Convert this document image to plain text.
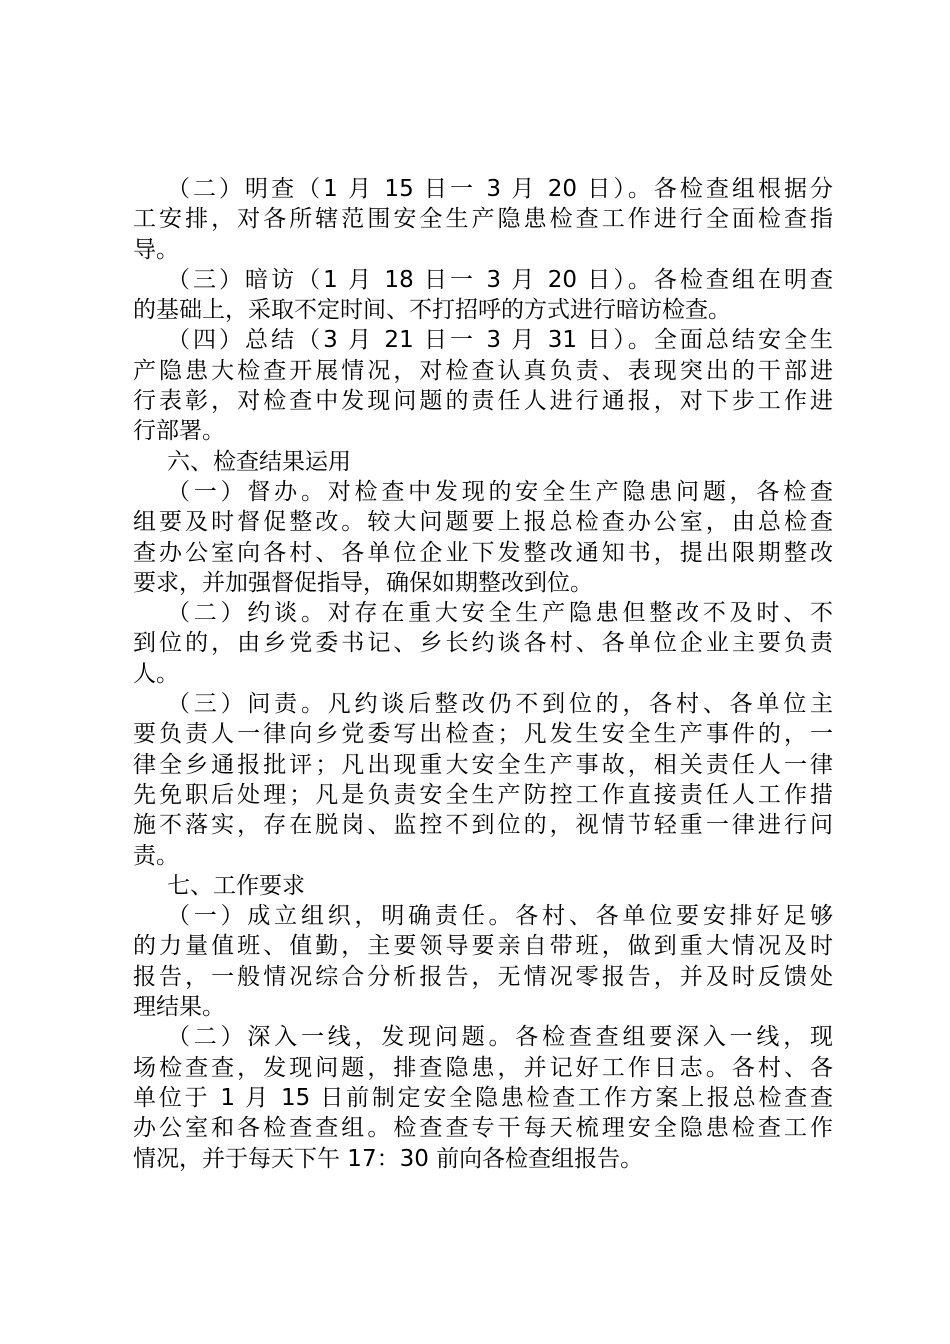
（二）明查（1 月 15 日一 3 月 20 日）。各检查组根据分
工安排，对各所辖范围安全生产隐患检查工作进行全面检查指
导。
（三）暗访（1 月 18 日一 3 月 20 日）。各检查组在明查
的基础上，采取不定时间、不打招呼的方式进行暗访检查。
（四）总结（3 月 21 日一 3 月 31 日）。全面总结安全生
产隐患大检查开展情况，对检查认真负责、表现突出的干部进
行表彰，对检查中发现问题的责任人进行通报，对下步工作进
行部署。
六、检查结果运用
（一）督办。对检查中发现的安全生产隐患问题，各检查
组要及时督促整改。较大问题要上报总检查办公室，由总检查
查办公室向各村、各单位企业下发整改通知书，提出限期整改
要求，并加强督促指导，确保如期整改到位。
（二）约谈。对存在重大安全生产隐患但整改不及时、不
到位的，由乡党委书记、乡长约谈各村、各单位企业主要负责
人。
（三）问责。凡约谈后整改仍不到位的，各村、各单位主
要负责人一律向乡党委写出检查；凡发生安全生产事件的，一
律全乡通报批评；凡出现重大安全生产事故，相关责任人一律
先免职后处理；凡是负责安全生产防控工作直接责任人工作措
施不落实，存在脱岗、监控不到位的，视情节轻重一律进行问
责。
七、工作要求
（一）成立组织，明确责任。各村、各单位要安排好足够
的力量值班、值勤，主要领导要亲自带班，做到重大情况及时
报告，一般情况综合分析报告，无情况零报告，并及时反馈处
理结果。
（二）深入一线，发现问题。各检查查组要深入一线，现
场检查查，发现问题，排查隐患，并记好工作日志。各村、各
单位于 1 月 15 日前制定安全隐患检查工作方案上报总检查查
办公室和各检查查组。检查查专干每天梳理安全隐患检查工作
情况，并于每天下午 17：30 前向各检查组报告。
